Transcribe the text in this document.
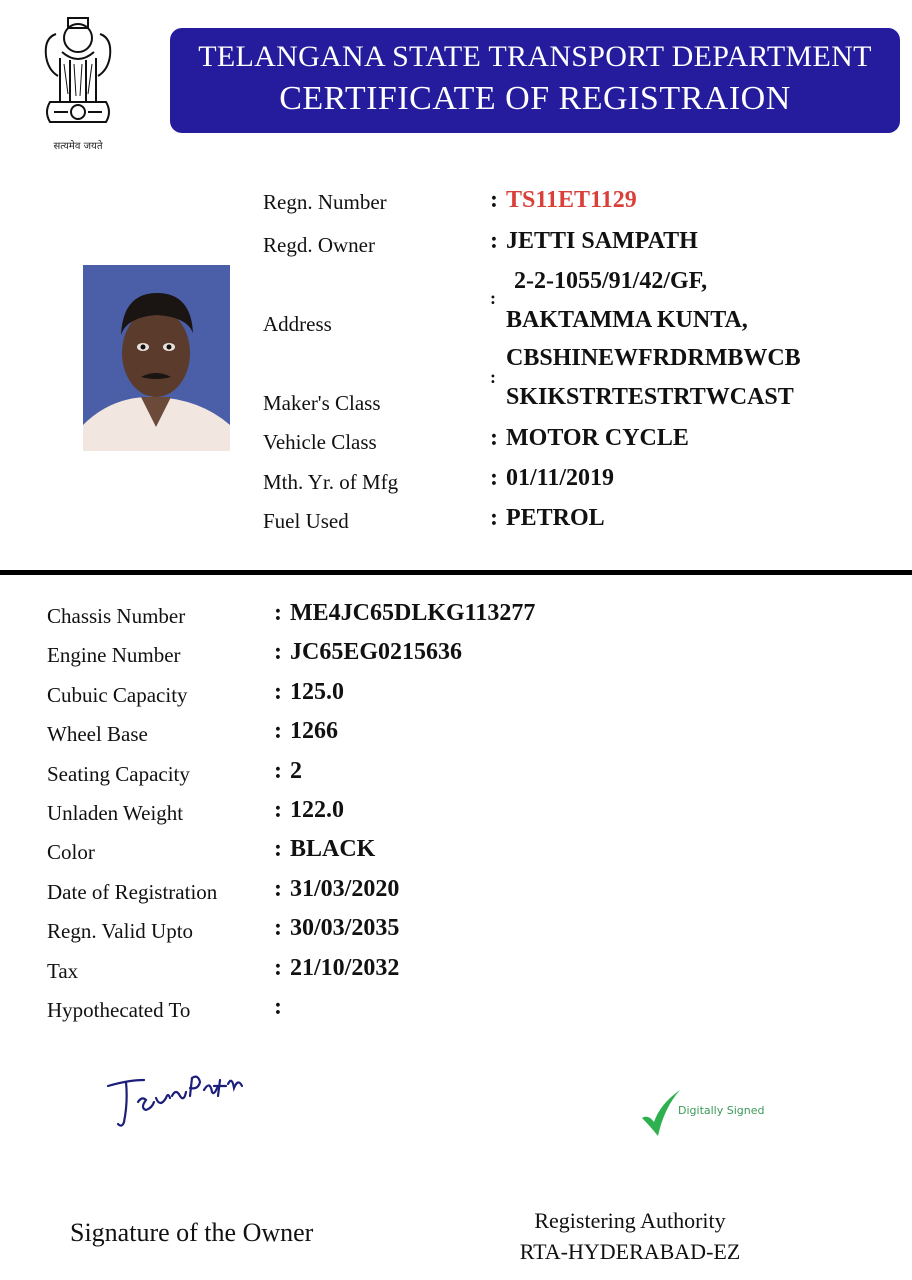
सत्यमेव जयते
TELANGANA STATE TRANSPORT DEPARTMENT
CERTIFICATE OF REGISTRAION
Regn. Number	: TS11ET1129
Regd. Owner	: JETTI SAMPATH
Address
:
2-2-1055/91/42/GF,
BAKTAMMA KUNTA,
Maker's Class
:
CBSHINEWFRDRMBWCB
SKIKSTRTESTRTWCAST
Vehicle Class	: MOTOR CYCLE
Mth. Yr. of Mfg	: 01/11/2019
Fuel Used	: PETROL
Chassis Number	: ME4JC65DLKG113277
Engine Number	: JC65EG0215636
Cubuic Capacity	: 125.0
Wheel Base	: 1266
Seating Capacity	: 2
Unladen Weight	: 122.0
Color	: BLACK
Date of Registration : 31/03/2020
Regn. Valid Upto	: 30/03/2035
Tax	: 21/10/2032
Hypothecated To	:
Signature of the Owner
Digitally Signed
Registering Authority
RTA-HYDERABAD-EZ
